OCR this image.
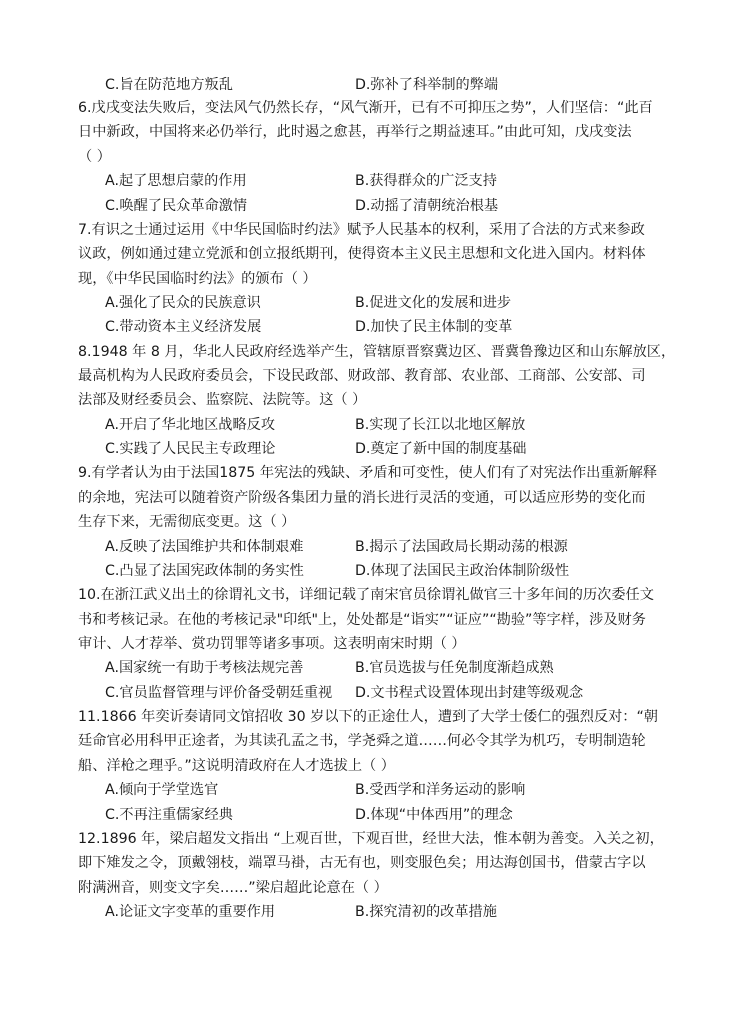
C.旨在防范地方叛乱	D.弥补了科举制的弊端
6.戊戌变法失败后，变法风气仍然长存，“风气渐开，已有不可抑压之势”，人们坚信：“此百
日中新政，中国将来必仍举行，此时遏之愈甚，再举行之期益速耳。”由此可知，戊戌变法
（ ）
A.起了思想启蒙的作用	B.获得群众的广泛支持
C.唤醒了民众革命激情	D.动摇了清朝统治根基
7.有识之士通过运用《中华民国临时约法》赋予人民基本的权利，采用了合法的方式来参政
议政，例如通过建立党派和创立报纸期刊，使得资本主义民主思想和文化进入国内。材料体
现，《中华民国临时约法》的颁布（ ）
A.强化了民众的民族意识	B.促进文化的发展和进步
C.带动资本主义经济发展	D.加快了民主体制的变革
8.1948 年 8 月，华北人民政府经选举产生，管辖原晋察冀边区、晋冀鲁豫边区和山东解放区，
最高机构为人民政府委员会，下设民政部、财政部、教育部、农业部、工商部、公安部、司
法部及财经委员会、监察院、法院等。这（ ）
A.开启了华北地区战略反攻	B.实现了长江以北地区解放
C.实践了人民民主专政理论	D.奠定了新中国的制度基础
9.有学者认为由于法国1875 年宪法的残缺、矛盾和可变性，使人们有了对宪法作出重新解释
的余地，宪法可以随着资产阶级各集团力量的消长进行灵活的变通，可以适应形势的变化而
生存下来，无需彻底变更。这（ ）
A.反映了法国维护共和体制艰难	B.揭示了法国政局长期动荡的根源
C.凸显了法国宪政体制的务实性	D.体现了法国民主政治体制阶级性
10.在浙江武义出土的徐谓礼文书，详细记载了南宋官员徐谓礼做官三十多年间的历次委任文
书和考核记录。在他的考核记录"印纸"上，处处都是“诣实”“证应”“勘验”等字样，涉及财务
审计、人才荐举、赏功罚罪等诸多事项。这表明南宋时期（ ）
A.国家统一有助于考核法规完善	B.官员选拔与任免制度渐趋成熟
C.官员监督管理与评价备受朝廷重视 D.文书程式设置体现出封建等级观念
11.1866 年奕䜣奏请同文馆招收 30 岁以下的正途仕人，遭到了大学士倭仁的强烈反对：“朝
廷命官必用科甲正途者，为其读孔孟之书，学尧舜之道……何必令其学为机巧，专明制造轮
船、洋枪之理乎。”这说明清政府在人才选拔上（ ）
A.倾向于学堂选官	B.受西学和洋务运动的影响
C.不再注重儒家经典	D.体现“中体西用”的理念
12.1896 年，梁启超发文指出 “上观百世，下观百世，经世大法，惟本朝为善变。入关之初，
即下雉发之令，顶戴翎枝，端罩马褂，古无有也，则变服色矣；用达海创国书，借蒙古字以
附满洲音，则变文字矣……”梁启超此论意在（ ）
A.论证文字变革的重要作用	B.探究清初的改革措施
